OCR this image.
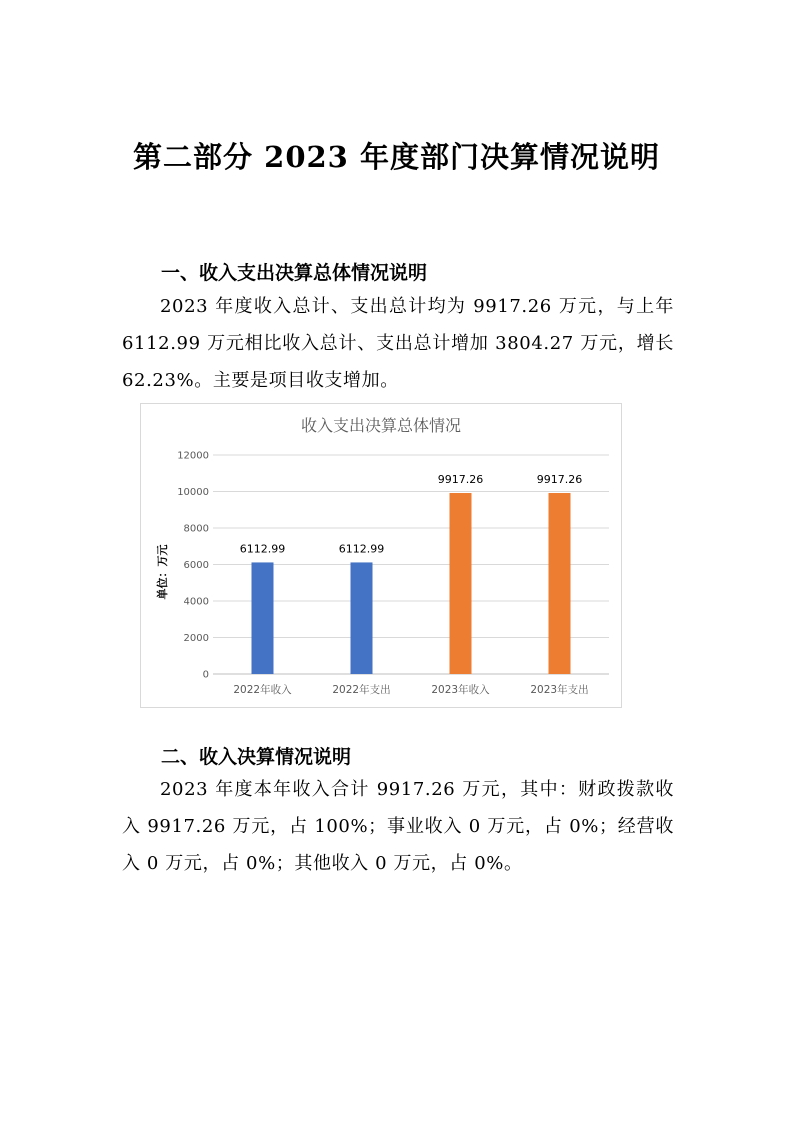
第二部分 2023 年度部门决算情况说明
一、收入支出决算总体情况说明
2023 年度收入总计、支出总计均为 9917.26 万元，与上年 6112.99 万元相比收入总计、支出总计增加 3804.27 万元，增长 62.23%。主要是项目收支增加。
收入支出决算总体情况
单位：万元
0
2000
4000
6000
8000
10000
12000
6112.99
2022年收入
6112.99
2022年支出
9917.26
2023年收入
9917.26
2023年支出
二、收入决算情况说明
2023 年度本年收入合计 9917.26 万元，其中：财政拨款收入 9917.26 万元，占 100%；事业收入 0 万元，占 0%；经营收入 0 万元，占 0%；其他收入 0 万元，占 0%。
